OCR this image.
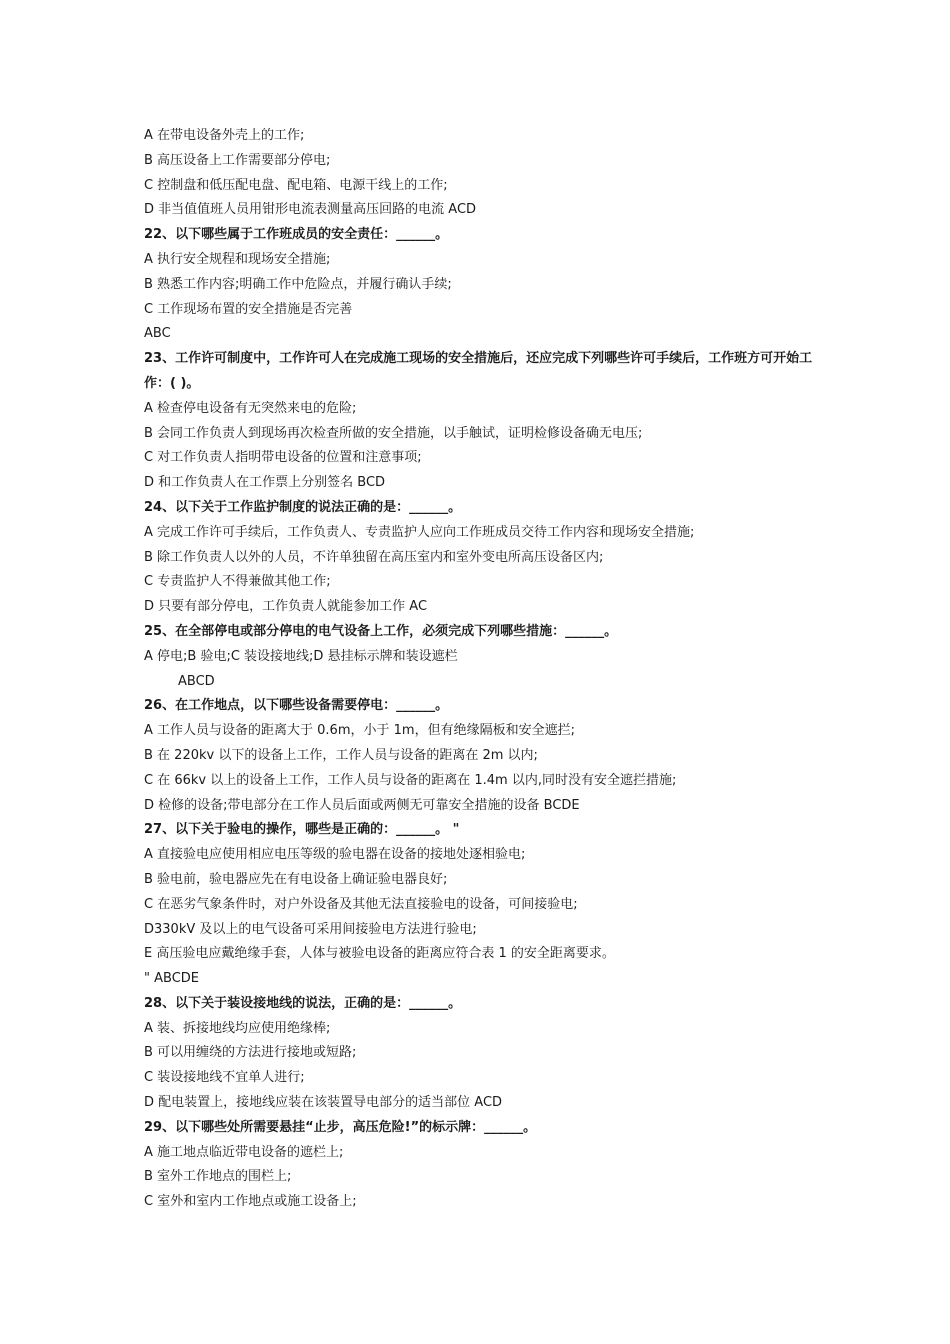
A 在带电设备外壳上的工作;
B 高压设备上工作需要部分停电;
C 控制盘和低压配电盘、配电箱、电源干线上的工作;
D 非当值值班人员用钳形电流表测量高压回路的电流 ACD
22、以下哪些属于工作班成员的安全责任：______。
A 执行安全规程和现场安全措施;
B 熟悉工作内容;明确工作中危险点，并履行确认手续;
C 工作现场布置的安全措施是否完善
ABC
23、工作许可制度中，工作许可人在完成施工现场的安全措施后，还应完成下列哪些许可手续后，工作班方可开始工作：( )。
A 检查停电设备有无突然来电的危险;
B 会同工作负责人到现场再次检查所做的安全措施，以手触试，证明检修设备确无电压;
C 对工作负责人指明带电设备的位置和注意事项;
D 和工作负责人在工作票上分别签名 BCD
24、以下关于工作监护制度的说法正确的是：______。
A 完成工作许可手续后，工作负责人、专责监护人应向工作班成员交待工作内容和现场安全措施;
B 除工作负责人以外的人员，不许单独留在高压室内和室外变电所高压设备区内;
C 专责监护人不得兼做其他工作;
D 只要有部分停电，工作负责人就能参加工作 AC
25、在全部停电或部分停电的电气设备上工作，必须完成下列哪些措施：______。
A 停电;B 验电;C 装设接地线;D 悬挂标示牌和装设遮栏
ABCD
26、在工作地点，以下哪些设备需要停电：______。
A 工作人员与设备的距离大于 0.6m，小于 1m，但有绝缘隔板和安全遮拦;
B 在 220kv 以下的设备上工作，工作人员与设备的距离在 2m 以内;
C 在 66kv 以上的设备上工作，工作人员与设备的距离在 1.4m 以内,同时没有安全遮拦措施;
D 检修的设备;带电部分在工作人员后面或两侧无可靠安全措施的设备 BCDE
27、以下关于验电的操作，哪些是正确的：______。 "
A 直接验电应使用相应电压等级的验电器在设备的接地处逐相验电;
B 验电前，验电器应先在有电设备上确证验电器良好;
C 在恶劣气象条件时，对户外设备及其他无法直接验电的设备，可间接验电;
D330kV 及以上的电气设备可采用间接验电方法进行验电;
E 高压验电应戴绝缘手套，人体与被验电设备的距离应符合表 1 的安全距离要求。
" ABCDE
28、以下关于装设接地线的说法，正确的是：______。
A 装、拆接地线均应使用绝缘棒;
B 可以用缠绕的方法进行接地或短路;
C 装设接地线不宜单人进行;
D 配电装置上，接地线应装在该装置导电部分的适当部位 ACD
29、以下哪些处所需要悬挂“止步，高压危险!”的标示牌：______。
A 施工地点临近带电设备的遮栏上;
B 室外工作地点的围栏上;
C 室外和室内工作地点或施工设备上;
